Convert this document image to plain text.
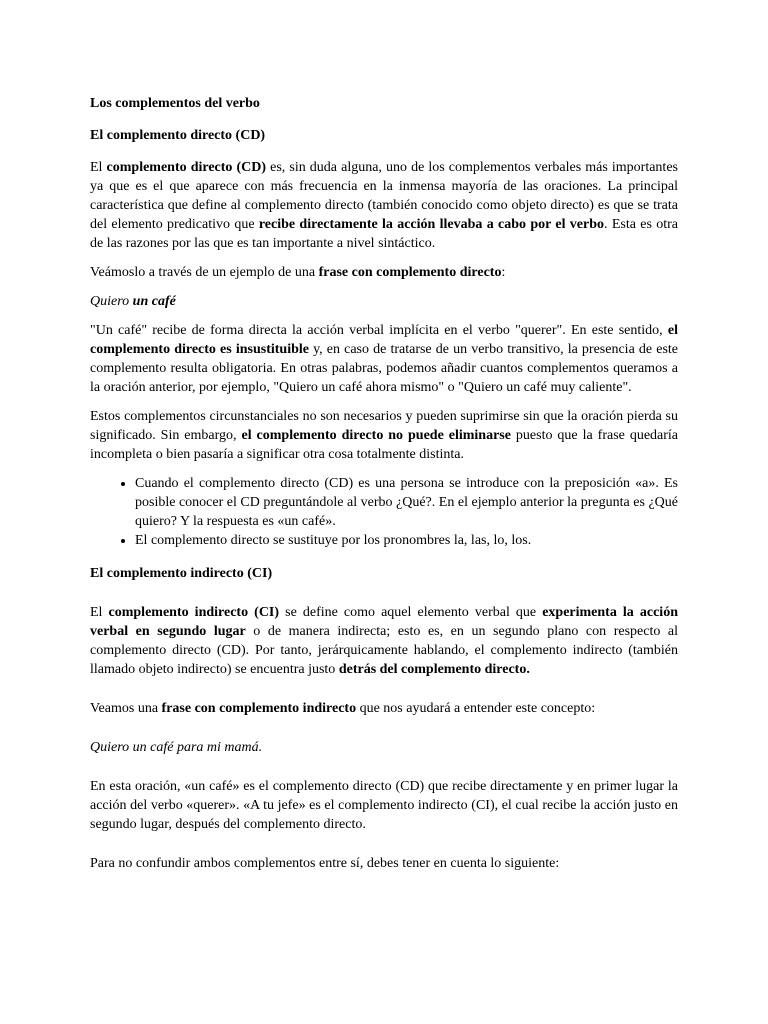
Los complementos del verbo

El complemento directo (CD)

El complemento directo (CD) es, sin duda alguna, uno de los complementos verbales más importantes ya que es el que aparece con más frecuencia en la inmensa mayoría de las oraciones. La principal característica que define al complemento directo (también conocido como objeto directo) es que se trata del elemento predicativo que recibe directamente la acción llevaba a cabo por el verbo. Esta es otra de las razones por las que es tan importante a nivel sintáctico.

Veámoslo a través de un ejemplo de una frase con complemento directo:

Quiero un café

"Un café" recibe de forma directa la acción verbal implícita en el verbo "querer". En este sentido, el complemento directo es insustituible y, en caso de tratarse de un verbo transitivo, la presencia de este complemento resulta obligatoria. En otras palabras, podemos añadir cuantos complementos queramos a la oración anterior, por ejemplo, "Quiero un café ahora mismo" o "Quiero un café muy caliente".

Estos complementos circunstanciales no son necesarios y pueden suprimirse sin que la oración pierda su significado. Sin embargo, el complemento directo no puede eliminarse puesto que la frase quedaría incompleta o bien pasaría a significar otra cosa totalmente distinta.

• Cuando el complemento directo (CD) es una persona se introduce con la preposición «a». Es posible conocer el CD preguntándole al verbo ¿Qué?. En el ejemplo anterior la pregunta es ¿Qué quiero? Y la respuesta es «un café».
• El complemento directo se sustituye por los pronombres la, las, lo, los.

El complemento indirecto (CI)

El complemento indirecto (CI) se define como aquel elemento verbal que experimenta la acción verbal en segundo lugar o de manera indirecta; esto es, en un segundo plano con respecto al complemento directo (CD). Por tanto, jerárquicamente hablando, el complemento indirecto (también llamado objeto indirecto) se encuentra justo detrás del complemento directo.

Veamos una frase con complemento indirecto que nos ayudará a entender este concepto:

Quiero un café para mi mamá.

En esta oración, «un café» es el complemento directo (CD) que recibe directamente y en primer lugar la acción del verbo «querer». «A tu jefe» es el complemento indirecto (CI), el cual recibe la acción justo en segundo lugar, después del complemento directo.

Para no confundir ambos complementos entre sí, debes tener en cuenta lo siguiente:
